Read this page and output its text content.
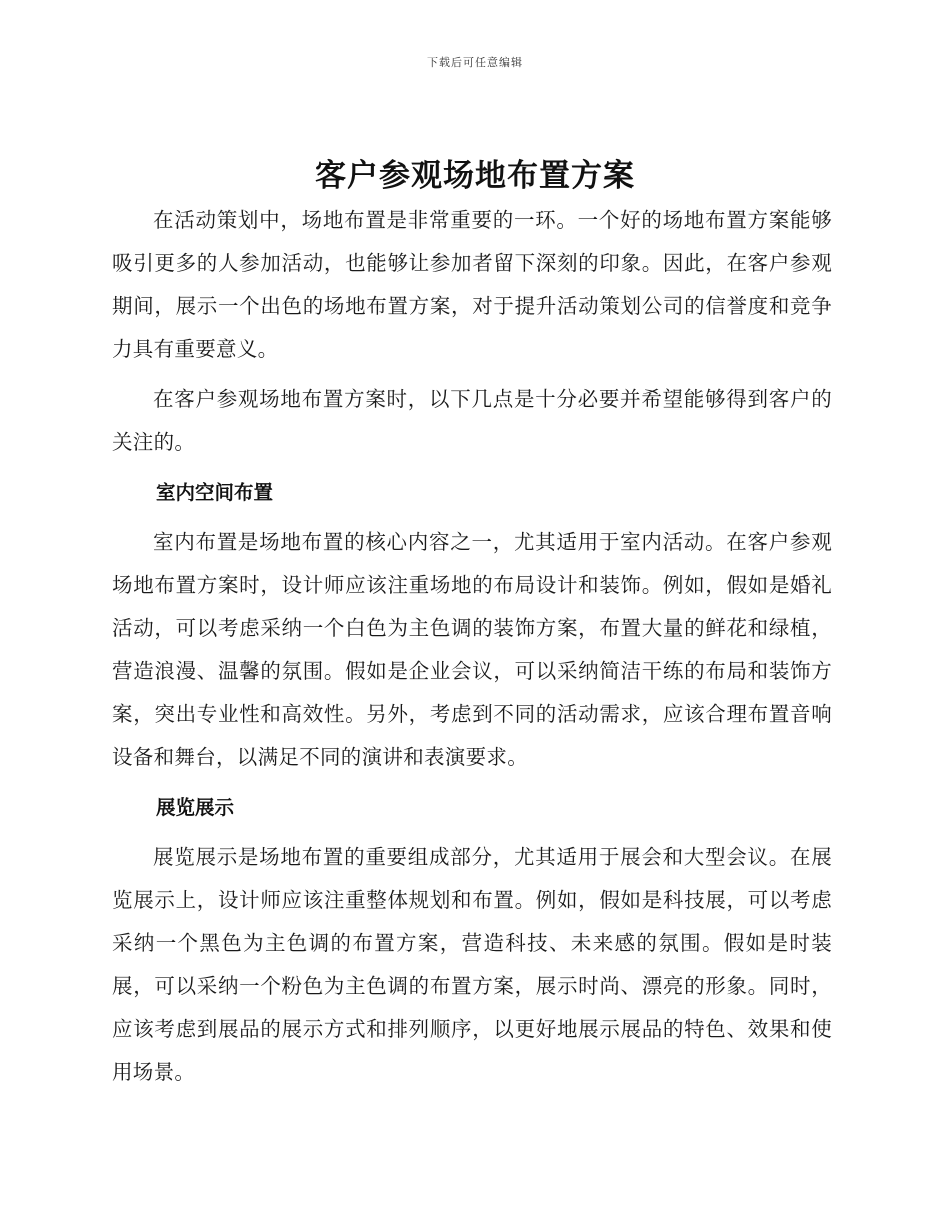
下载后可任意编辑
客户参观场地布置方案

在活动策划中，场地布置是非常重要的一环。一个好的场地布置方案能够吸引更多的人参加活动，也能够让参加者留下深刻的印象。因此，在客户参观期间，展示一个出色的场地布置方案，对于提升活动策划公司的信誉度和竞争力具有重要意义。

在客户参观场地布置方案时，以下几点是十分必要并希望能够得到客户的关注的。

室内空间布置

室内布置是场地布置的核心内容之一，尤其适用于室内活动。在客户参观场地布置方案时，设计师应该注重场地的布局设计和装饰。例如，假如是婚礼活动，可以考虑采纳一个白色为主色调的装饰方案，布置大量的鲜花和绿植，营造浪漫、温馨的氛围。假如是企业会议，可以采纳简洁干练的布局和装饰方案，突出专业性和高效性。另外，考虑到不同的活动需求，应该合理布置音响设备和舞台，以满足不同的演讲和表演要求。

展览展示

展览展示是场地布置的重要组成部分，尤其适用于展会和大型会议。在展览展示上，设计师应该注重整体规划和布置。例如，假如是科技展，可以考虑采纳一个黑色为主色调的布置方案，营造科技、未来感的氛围。假如是时装展，可以采纳一个粉色为主色调的布置方案，展示时尚、漂亮的形象。同时，应该考虑到展品的展示方式和排列顺序，以更好地展示展品的特色、效果和使用场景。
